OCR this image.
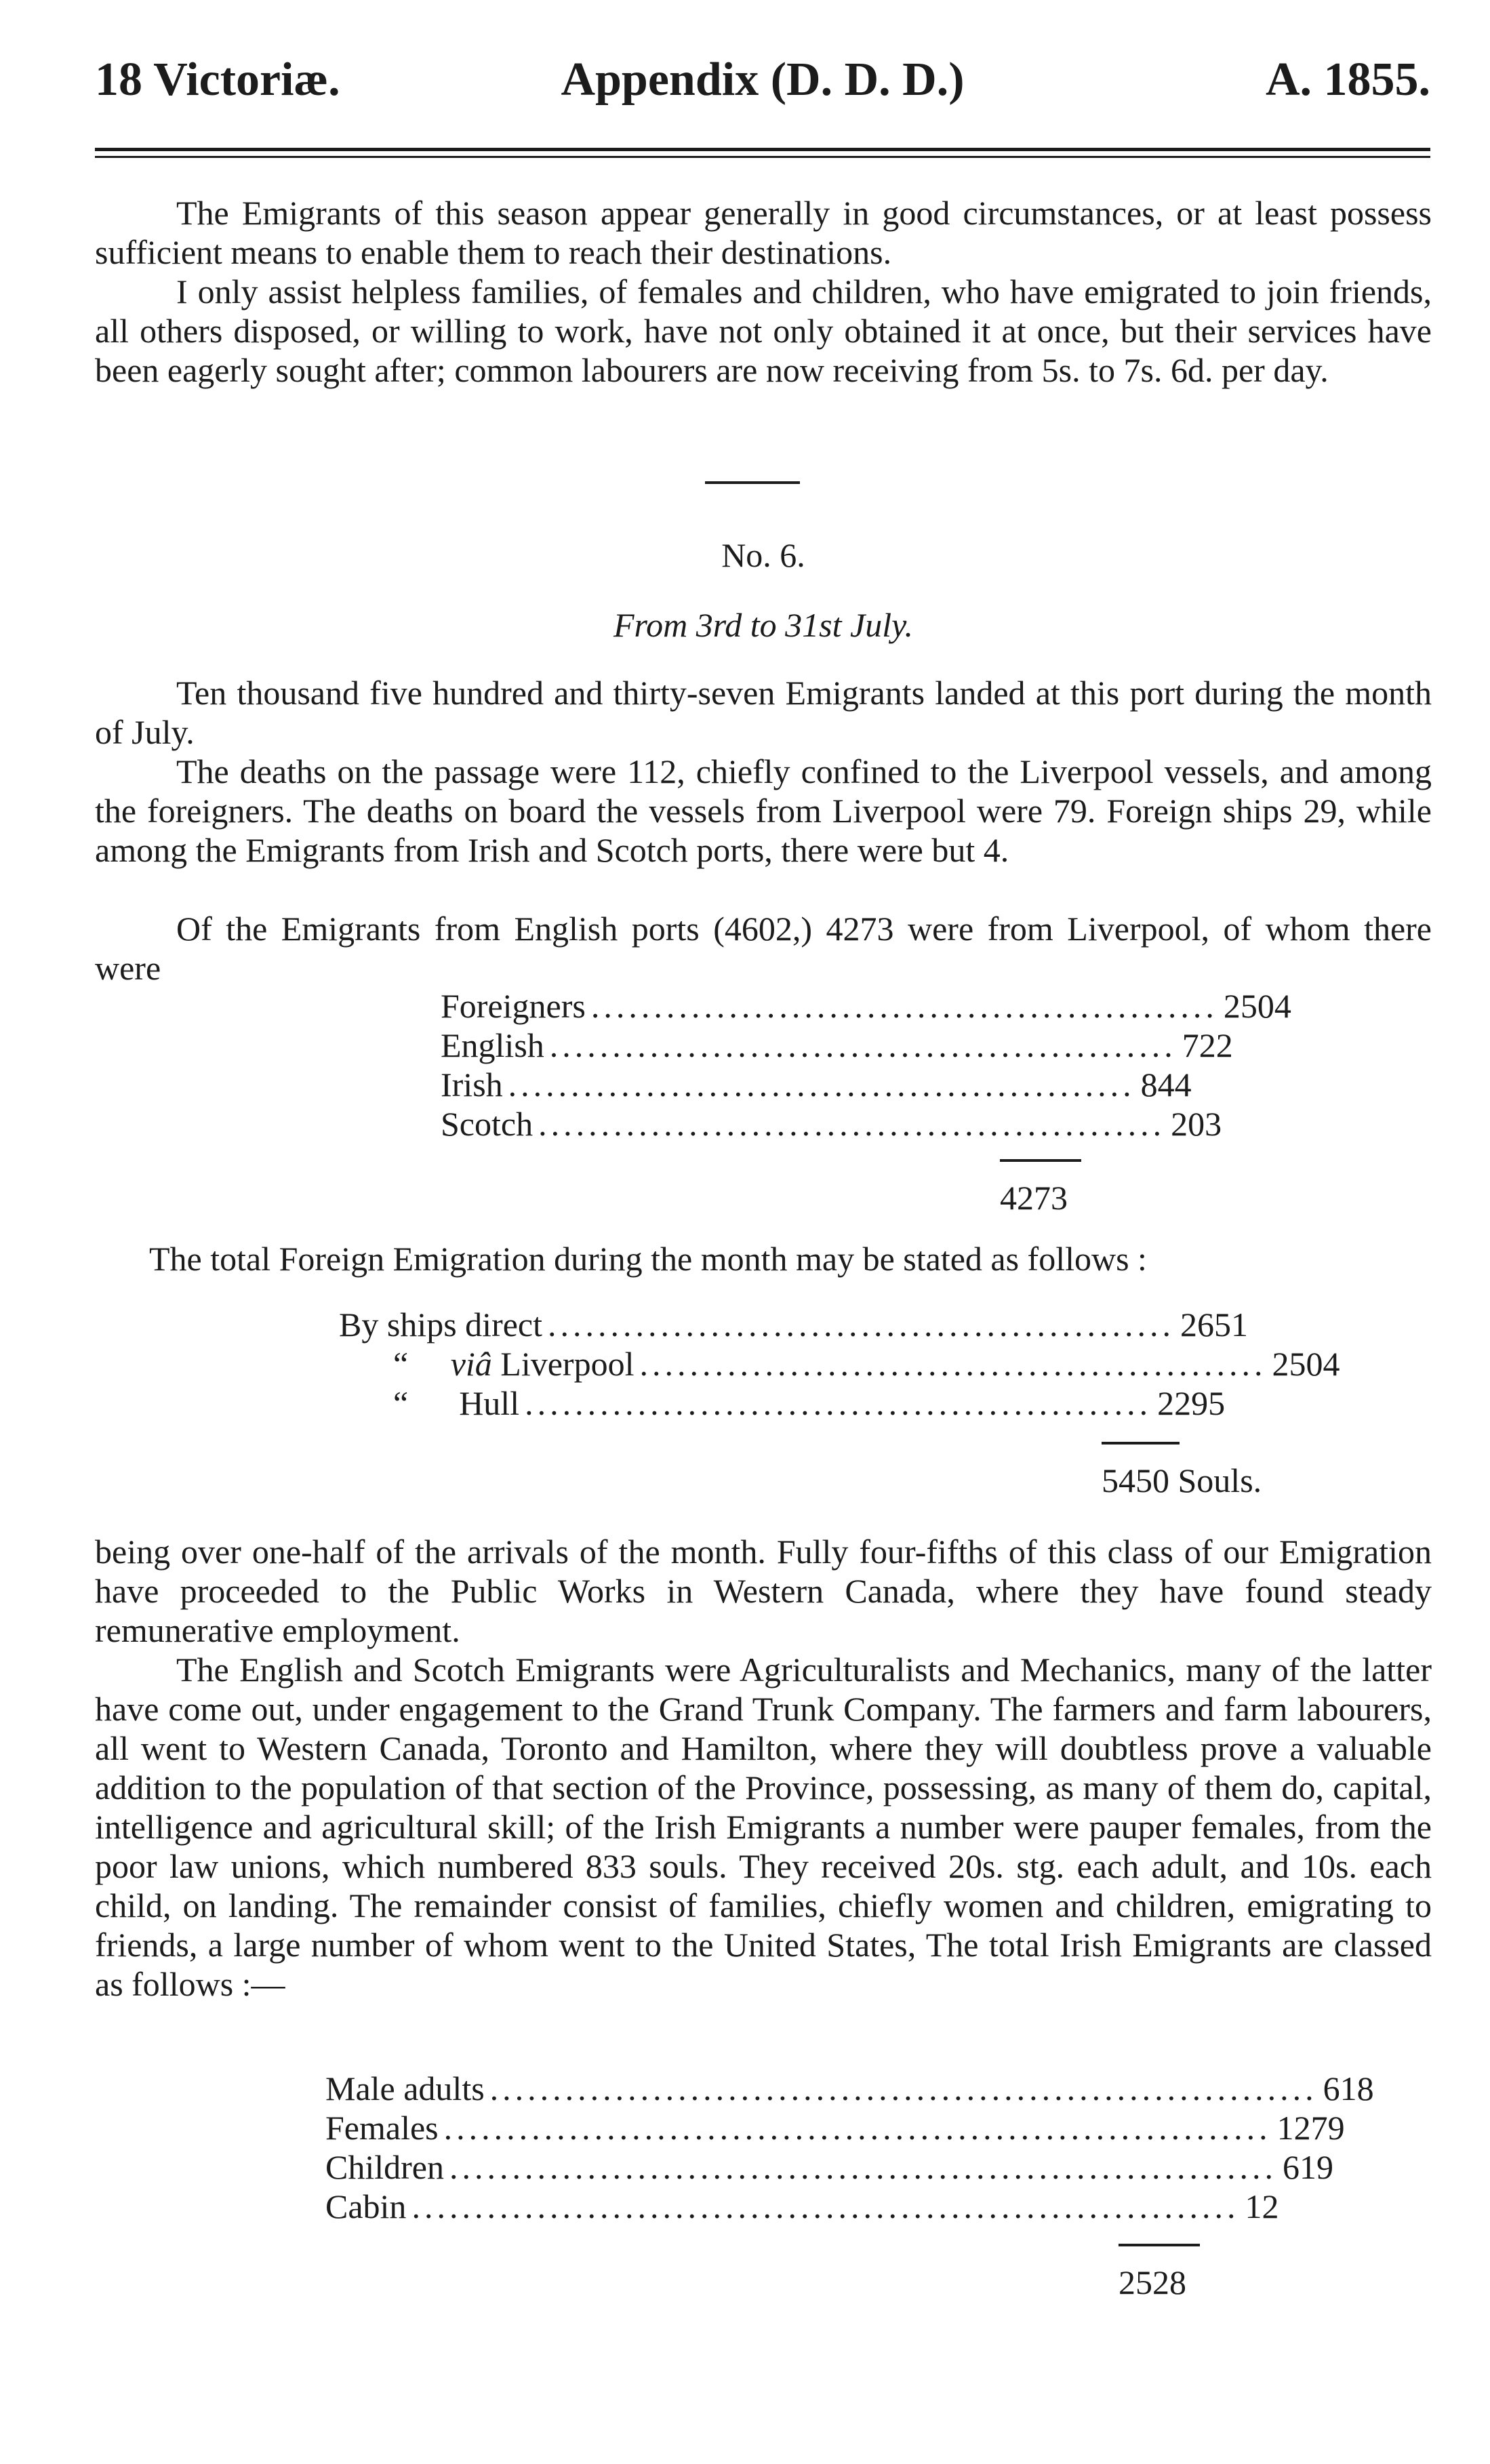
18 Victoriæ.	Appendix (D. D. D.)	A. 1855.

The Emigrants of this season appear generally in good circumstances, or at least possess sufficient means to enable them to reach their destinations.

I only assist helpless families, of females and children, who have emigrated to join friends, all others disposed, or willing to work, have not only obtained it at once, but their services have been eagerly sought after; common labourers are now receiving from 5s. to 7s. 6d. per day.

No. 6.
From 3rd to 31st July.

Ten thousand five hundred and thirty-seven Emigrants landed at this port during the month of July.

The deaths on the passage were 112, chiefly confined to the Liverpool vessels, and among the foreigners. The deaths on board the vessels from Liverpool were 79. Foreign ships 29, while among the Emigrants from Irish and Scotch ports, there were but 4.

Of the Emigrants from English ports (4602,) 4273 were from Liverpool, of whom there were

Foreigners .................................................. 2504
English .................................................. 722
Irish .................................................. 844
Scotch .................................................. 203
4273
The total Foreign Emigration during the month may be stated as follows :
By ships direct .................................................. 2651
“ viâ Liverpool .................................................. 2504
“ Hull .................................................. 2295
5450 Souls.

being over one-half of the arrivals of the month. Fully four-fifths of this class of our Emigration have proceeded to the Public Works in Western Canada, where they have found steady remunerative employment.

The English and Scotch Emigrants were Agriculturalists and Mechanics, many of the latter have come out, under engagement to the Grand Trunk Company. The farmers and farm labourers, all went to Western Canada, Toronto and Hamilton, where they will doubtless prove a valuable addition to the population of that section of the Province, possessing, as many of them do, capital, intelligence and agricultural skill; of the Irish Emigrants a number were pauper females, from the poor law unions, which numbered 833 souls. They received 20s. stg. each adult, and 10s. each child, on landing. The remainder consist of families, chiefly women and children, emigrating to friends, a large number of whom went to the United States, The total Irish Emigrants are classed as follows :—

Male adults .................................................................. 618
Females .................................................................. 1279
Children .................................................................. 619
Cabin .................................................................. 12
2528
